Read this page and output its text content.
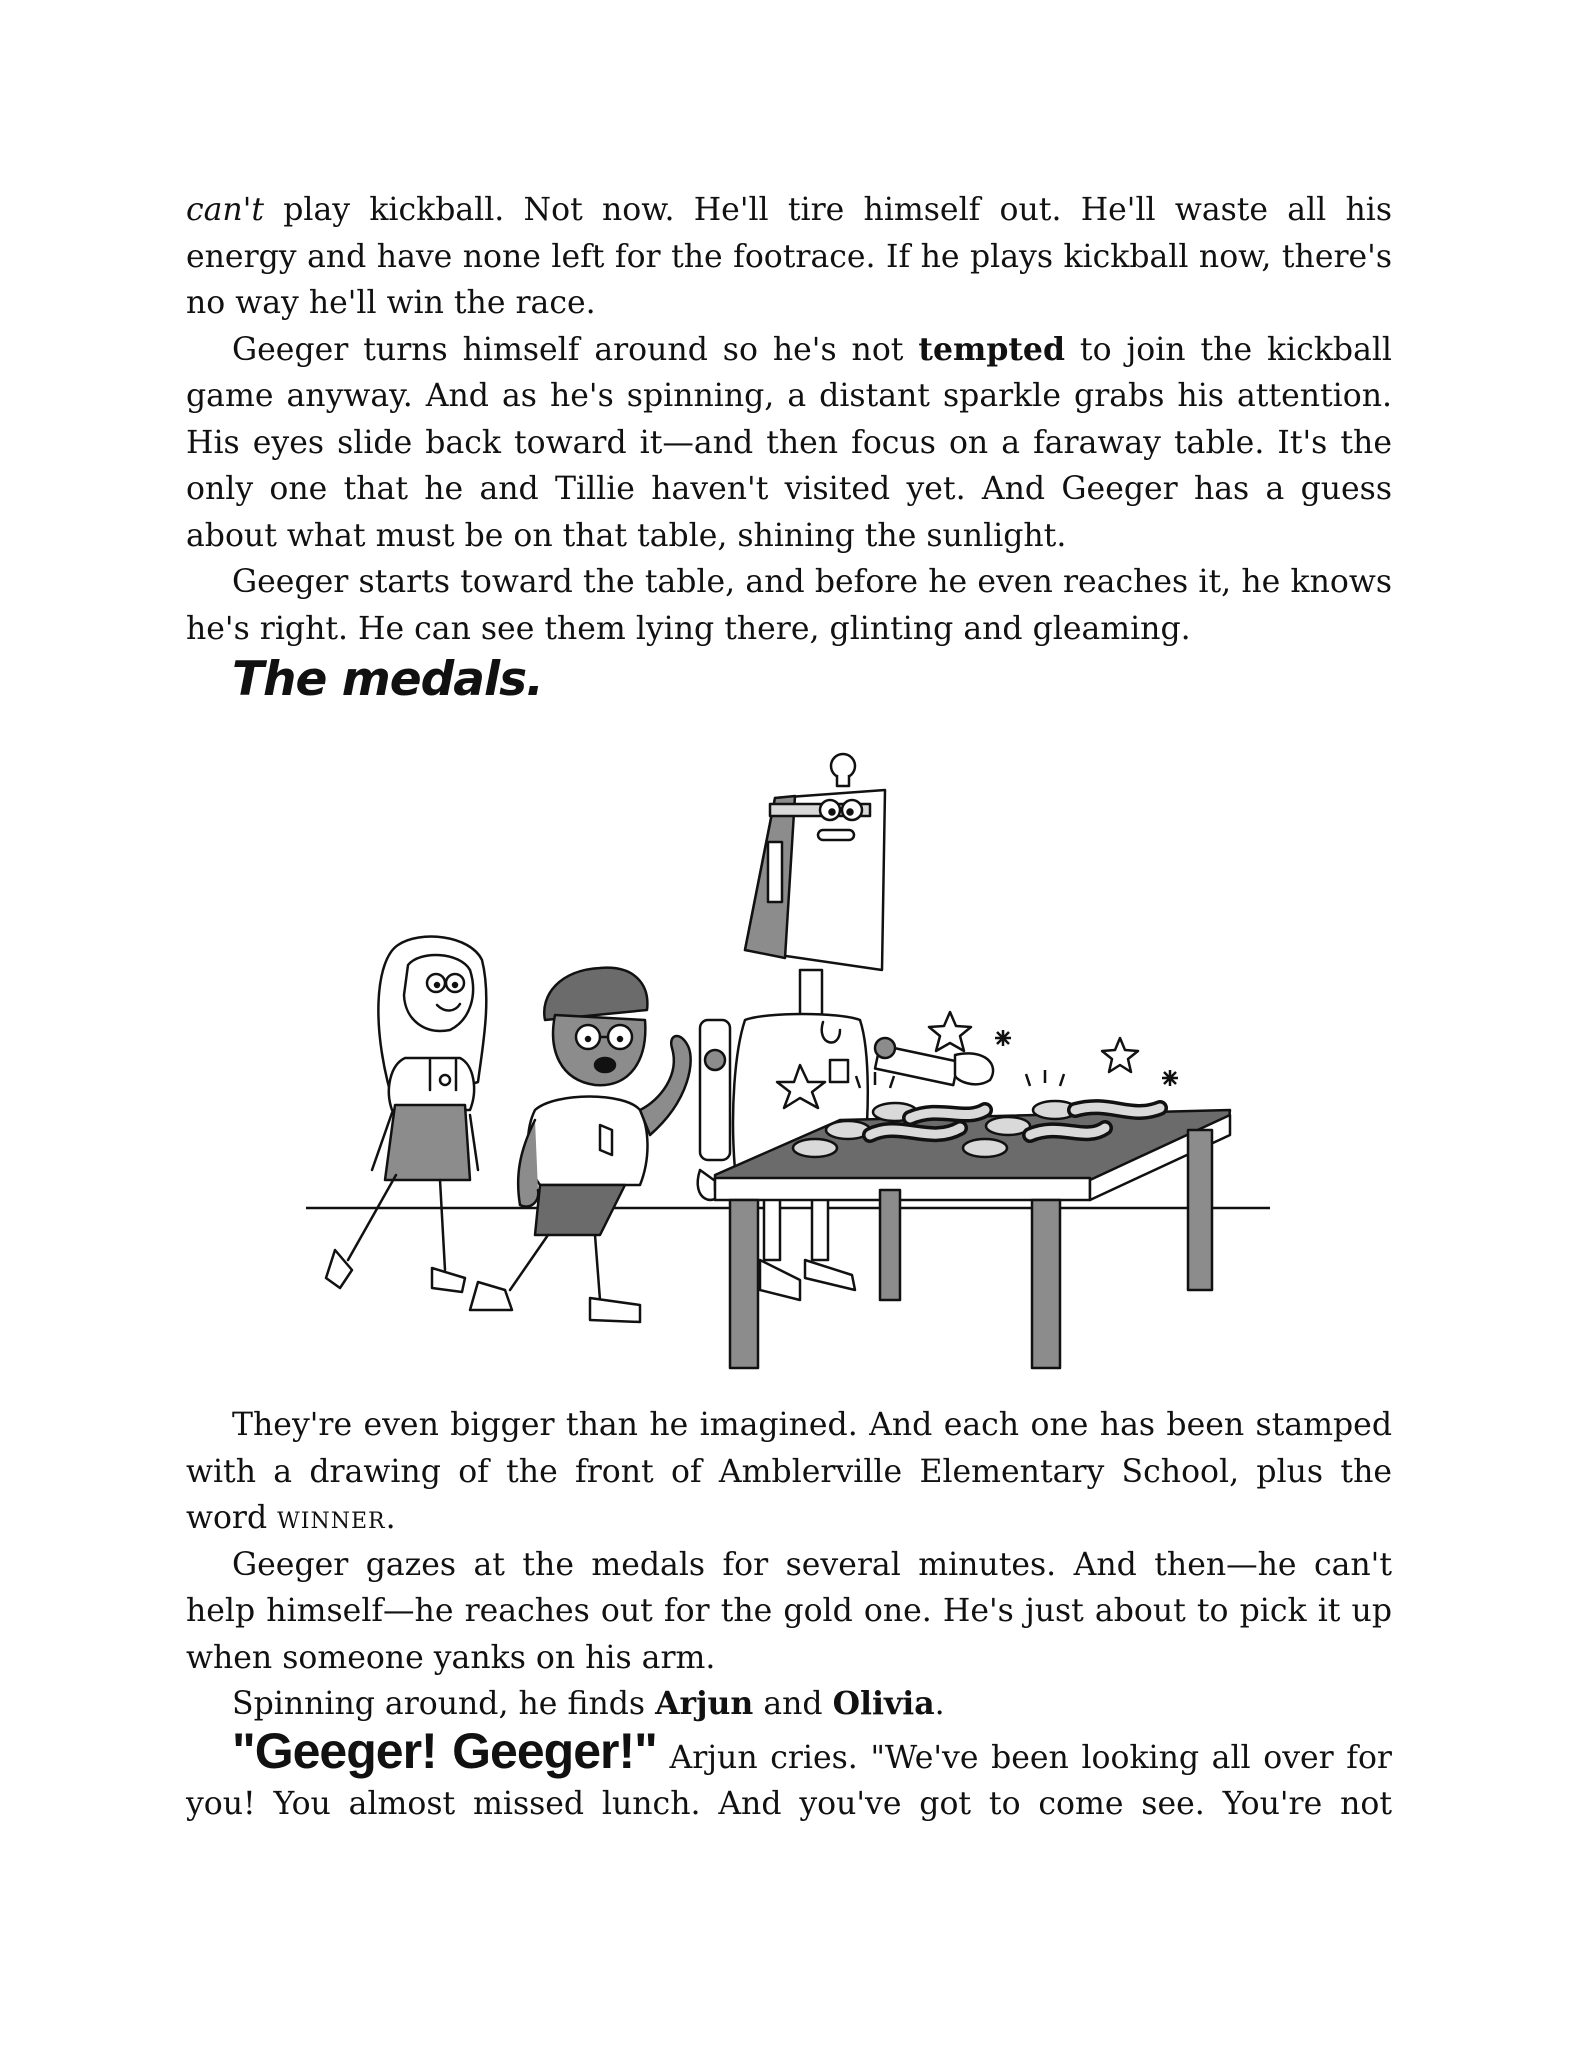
can't play kickball. Not now. He'll tire himself out. He'll waste all his energy and have none left for the footrace. If he plays kickball now, there's no way he'll win the race.

Geeger turns himself around so he's not tempted to join the kickball game anyway. And as he's spinning, a distant sparkle grabs his attention. His eyes slide back toward it—and then focus on a faraway table. It's the only one that he and Tillie haven't visited yet. And Geeger has a guess about what must be on that table, shining the sunlight.

Geeger starts toward the table, and before he even reaches it, he knows he's right. He can see them lying there, glinting and gleaming.

The medals.

They're even bigger than he imagined. And each one has been stamped with a drawing of the front of Amblerville Elementary School, plus the word winner.

Geeger gazes at the medals for several minutes. And then—he can't help himself—he reaches out for the gold one. He's just about to pick it up when someone yanks on his arm.

Spinning around, he finds Arjun and Olivia.

"Geeger! Geeger!" Arjun cries. "We've been looking all over for you! You almost missed lunch. And you've got to come see. You're not
